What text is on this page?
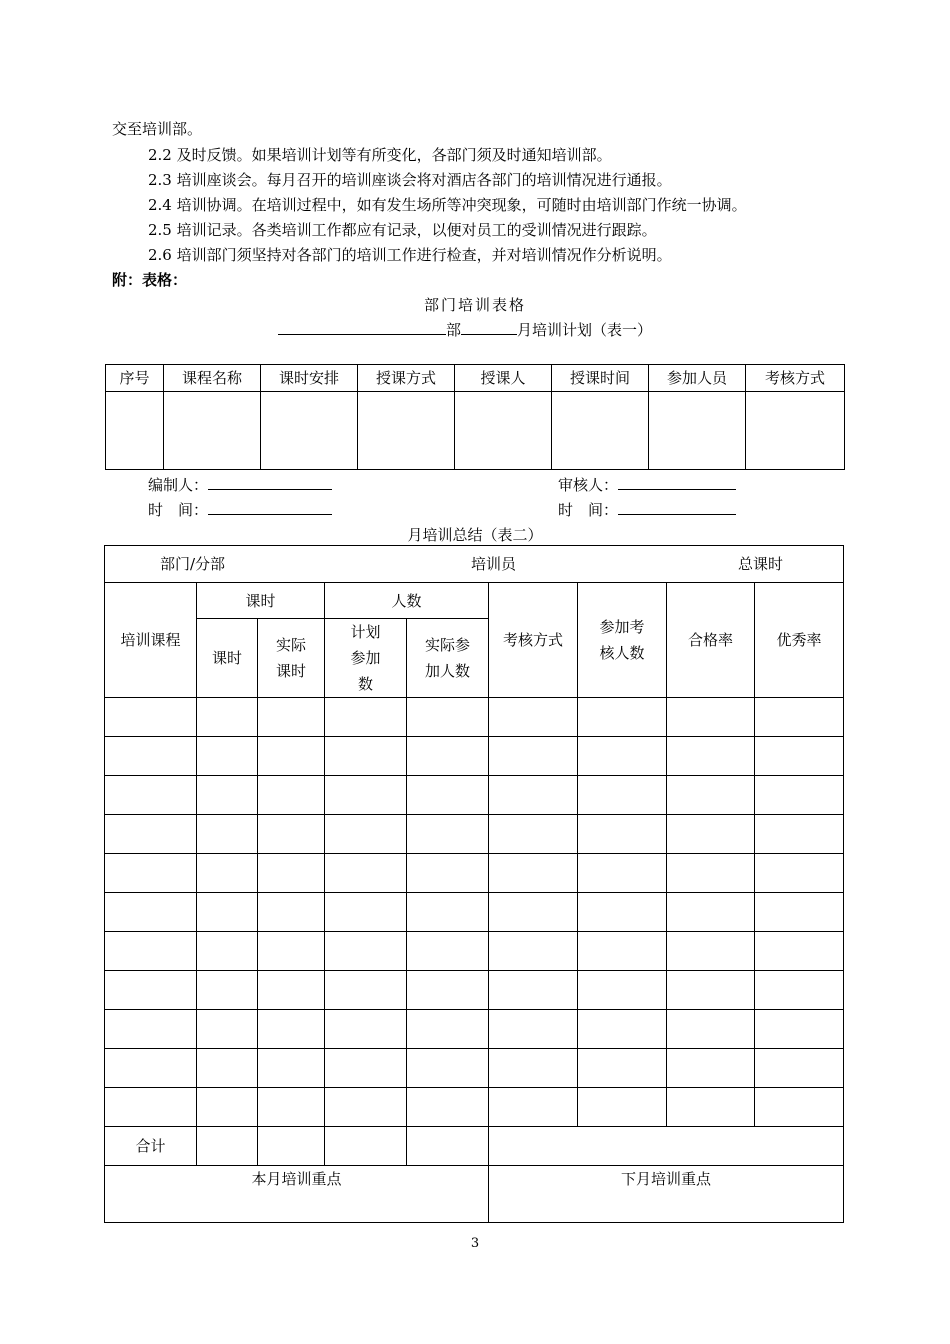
交至培训部。
2.2 及时反馈。如果培训计划等有所变化，各部门须及时通知培训部。
2.3 培训座谈会。每月召开的培训座谈会将对酒店各部门的培训情况进行通报。
2.4 培训协调。在培训过程中，如有发生场所等冲突现象，可随时由培训部门作统一协调。
2.5 培训记录。各类培训工作都应有记录，以便对员工的受训情况进行跟踪。
2.6 培训部门须坚持对各部门的培训工作进行检查，并对培训情况作分析说明。
附：表格：
部门培训表格
部	月培训计划（表一）
序号	课程名称	课时安排	授课方式	授课人	授课时间	参加人员	考核方式

编制人：
时　间：
审核人：
时　间：
月培训总结（表二）
部门/分部 培训员 总课时								

培训课程	课时		人数		考核方式	参加考核人数	合格率	优秀率
	课时	实际课时	计划参加数	实际参加人数				

合计								
本月培训重点					下月培训重点			
3
